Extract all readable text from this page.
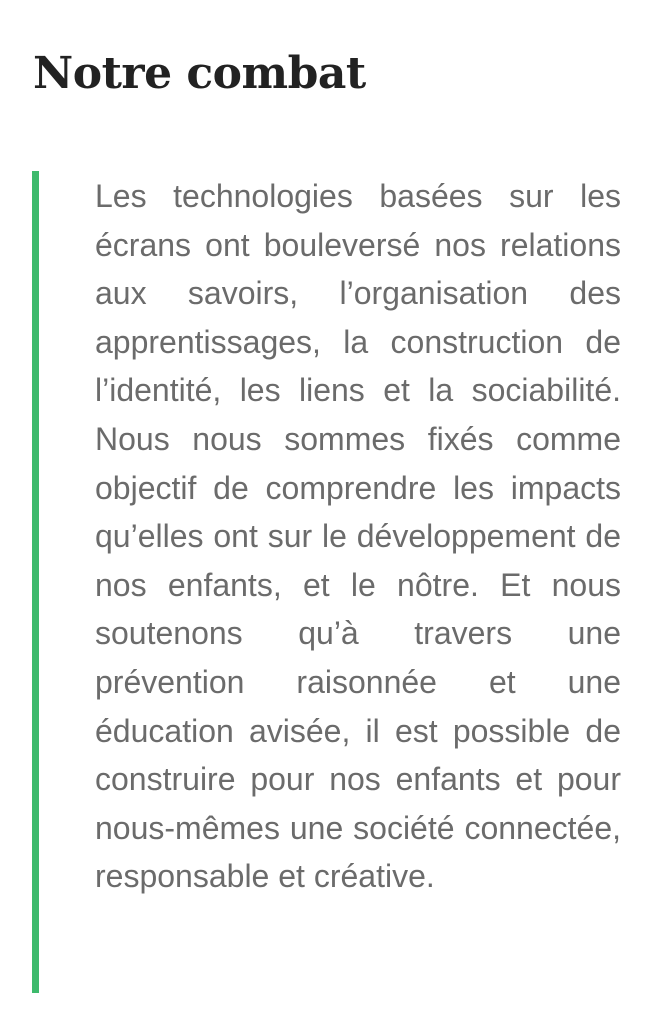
Notre combat

Les technologies basées sur les écrans ont bouleversé nos relations aux savoirs, l’organisation des apprentissages, la construction de l’identité, les liens et la sociabilité. Nous nous sommes fixés comme objectif de comprendre les impacts qu’elles ont sur le développement de nos enfants, et le nôtre. Et nous soutenons qu’à travers une prévention raisonnée et une éducation avisée, il est possible de construire pour nos enfants et pour nous-mêmes une société connectée, responsable et créative.
